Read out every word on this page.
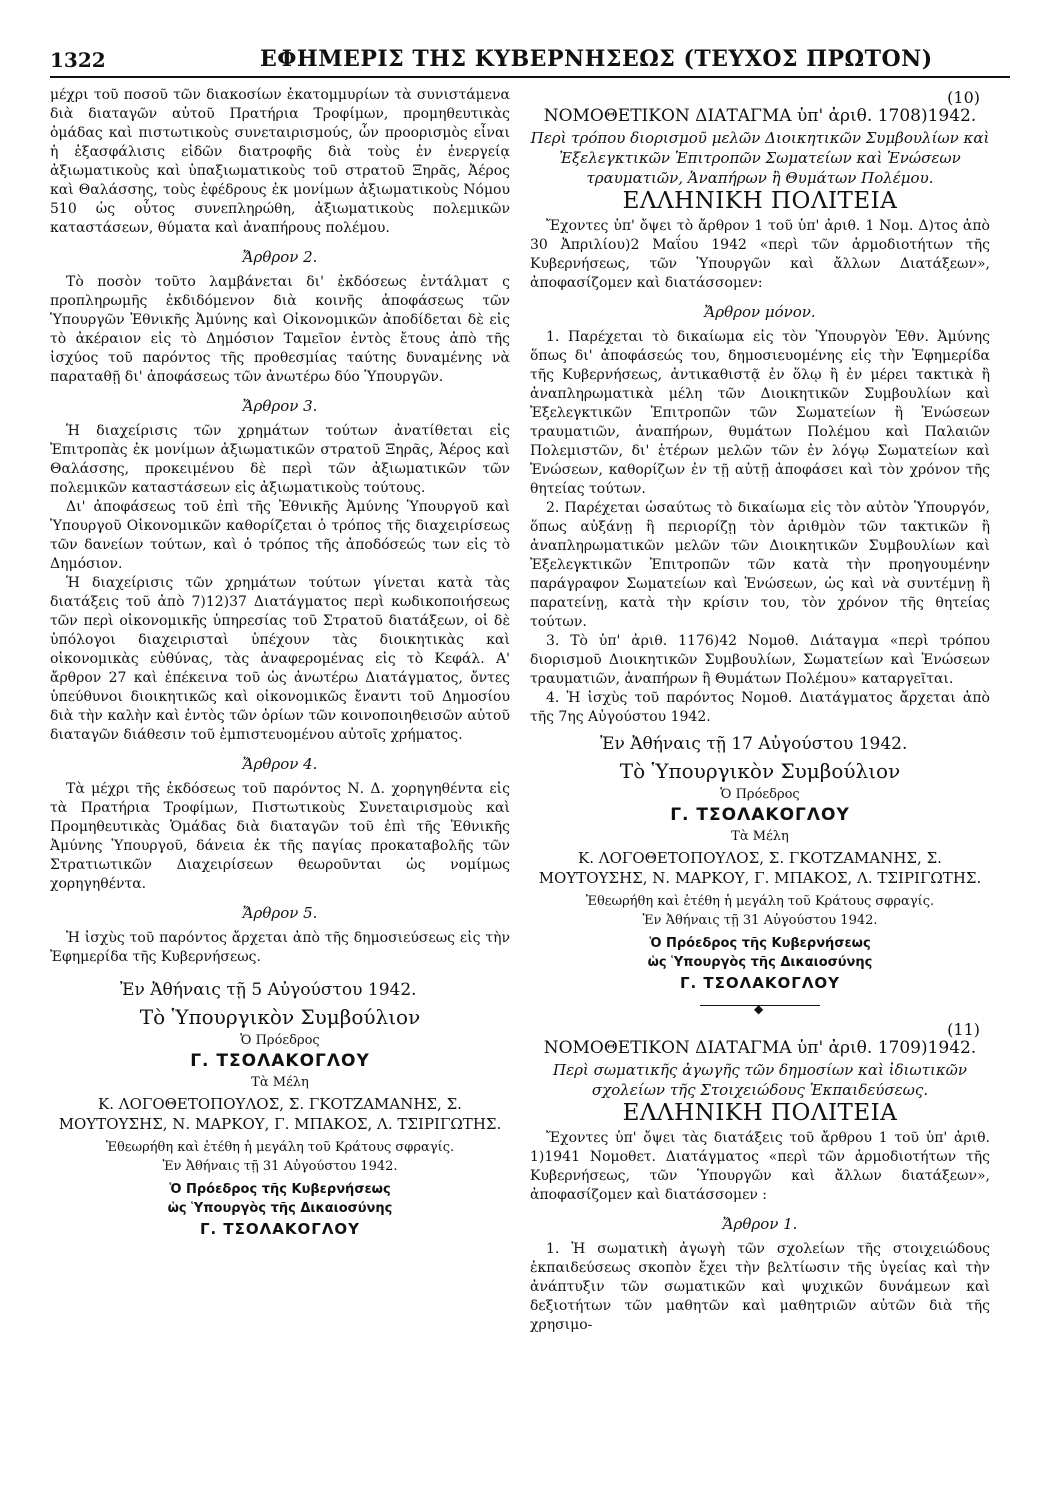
1322	ΕΦΗΜΕΡΙΣ ΤΗΣ ΚΥΒΕΡΝΗΣΕΩΣ (ΤΕΥΧΟΣ ΠΡΩΤΟΝ)

μέχρι τοῦ ποσοῦ τῶν διακοσίων ἑκατομμυρίων τὰ συνιστάμενα διὰ διαταγῶν αὐτοῦ Πρατήρια Τροφίμων, προμηθευτικὰς ὁμάδας καὶ πιστωτικοὺς συνεταιρισμούς, ὧν προορισμὸς εἶναι ἡ ἐξασφάλισις εἰδῶν διατροφῆς διὰ τοὺς ἐν ἐνεργείᾳ ἀξιωματικοὺς καὶ ὑπαξιωματικοὺς τοῦ στρατοῦ Ξηρᾶς, Ἀέρος καὶ Θαλάσσης, τοὺς ἐφέδρους ἐκ μονίμων ἀξιωματικοὺς Νόμου 510 ὡς οὗτος συνεπληρώθη, ἀξιωματικοὺς πολεμικῶν καταστάσεων, θύματα καὶ ἀναπήρους πολέμου.

Ἄρθρον 2.

Τὸ ποσὸν τοῦτο λαμβάνεται δι' ἐκδόσεως ἐντάλματ ς προπληρωμῆς ἐκδιδόμενον διὰ κοινῆς ἀποφάσεως τῶν Ὑπουργῶν Ἐθνικῆς Ἀμύνης καὶ Οἰκονομικῶν ἀποδίδεται δὲ εἰς τὸ ἀκέραιον εἰς τὸ Δημόσιον Ταμεῖον ἐντὸς ἔτους ἀπὸ τῆς ἰσχύος τοῦ παρόντος τῆς προθεσμίας ταύτης δυναμένης νὰ παραταθῇ δι' ἀποφάσεως τῶν ἀνωτέρω δύο Ὑπουργῶν.

Ἄρθρον 3.

Ἡ διαχείρισις τῶν χρημάτων τούτων ἀνατίθεται εἰς Ἐπιτροπὰς ἐκ μονίμων ἀξιωματικῶν στρατοῦ Ξηρᾶς, Ἀέρος καὶ Θαλάσσης, προκειμένου δὲ περὶ τῶν ἀξιωματικῶν τῶν πολεμικῶν καταστάσεων εἰς ἀξιωματικοὺς τούτους.

Δι' ἀποφάσεως τοῦ ἐπὶ τῆς Ἐθνικῆς Ἀμύνης Ὑπουργοῦ καὶ Ὑπουργοῦ Οἰκονομικῶν καθορίζεται ὁ τρόπος τῆς διαχειρίσεως τῶν δανείων τούτων, καὶ ὁ τρόπος τῆς ἀποδόσεώς των εἰς τὸ Δημόσιον.

Ἡ διαχείρισις τῶν χρημάτων τούτων γίνεται κατὰ τὰς διατάξεις τοῦ ἀπὸ 7)12)37 Διατάγματος περὶ κωδικοποιήσεως τῶν περὶ οἰκονομικῆς ὑπηρεσίας τοῦ Στρατοῦ διατάξεων, οἱ δὲ ὑπόλογοι διαχειρισταὶ ὑπέχουν τὰς διοικητικὰς καὶ οἰκονομικὰς εὐθύνας, τὰς ἀναφερομένας εἰς τὸ Κεφάλ. Α' ἄρθρον 27 καὶ ἐπέκεινα τοῦ ὡς ἀνωτέρω Διατάγματος, ὄντες ὑπεύθυνοι διοικητικῶς καὶ οἰκονομικῶς ἔναντι τοῦ Δημοσίου διὰ τὴν καλὴν καὶ ἐντὸς τῶν ὁρίων τῶν κοινοποιηθεισῶν αὐτοῦ διαταγῶν διάθεσιν τοῦ ἐμπιστευομένου αὐτοῖς χρήματος.

Ἄρθρον 4.

Τὰ μέχρι τῆς ἐκδόσεως τοῦ παρόντος Ν. Δ. χορηγηθέντα εἰς τὰ Πρατήρια Τροφίμων, Πιστωτικοὺς Συνεταιρισμοὺς καὶ Προμηθευτικὰς Ὁμάδας διὰ διαταγῶν τοῦ ἐπὶ τῆς Ἐθνικῆς Ἀμύνης Ὑπουργοῦ, δάνεια ἐκ τῆς παγίας προκαταβολῆς τῶν Στρατιωτικῶν Διαχειρίσεων θεωροῦνται ὡς νομίμως χορηγηθέντα.

Ἄρθρον 5.

Ἡ ἰσχὺς τοῦ παρόντος ἄρχεται ἀπὸ τῆς δημοσιεύσεως εἰς τὴν Ἐφημερίδα τῆς Κυβερνήσεως.

Ἐν Ἀθήναις τῇ 5 Αὐγούστου 1942.
Τὸ Ὑπουργικὸν Συμβούλιον
Ὁ Πρόεδρος
Γ. ΤΣΟΛΑΚΟΓΛΟΥ
Τὰ Μέλη
Κ. ΛΟΓΟΘΕΤΟΠΟΥΛΟΣ, Σ. ΓΚΟΤΖΑΜΑΝΗΣ, Σ. ΜΟΥΤΟΥΣΗΣ, Ν. ΜΑΡΚΟΥ, Γ. ΜΠΑΚΟΣ, Λ. ΤΣΙΡΙΓΩΤΗΣ.
Ἐθεωρήθη καὶ ἐτέθη ἡ μεγάλη τοῦ Κράτους σφραγίς.
Ἐν Ἀθήναις τῇ 31 Αὐγούστου 1942.
Ὁ Πρόεδρος τῆς Κυβερνήσεως
ὡς Ὑπουργὸς τῆς Δικαιοσύνης
Γ. ΤΣΟΛΑΚΟΓΛΟΥ
(10)
ΝΟΜΟΘΕΤΙΚΟΝ ΔΙΑΤΑΓΜΑ ὑπ' ἀριθ. 1708)1942.
Περὶ τρόπου διορισμοῦ μελῶν Διοικητικῶν Συμβουλίων καὶ Ἐξελεγκτικῶν Ἐπιτροπῶν Σωματείων καὶ Ἑνώσεων τραυματιῶν, Ἀναπήρων ἢ Θυμάτων Πολέμου.
ΕΛΛΗΝΙΚΗ ΠΟΛΙΤΕΙΑ

Ἔχοντες ὑπ' ὄψει τὸ ἄρθρον 1 τοῦ ὑπ' ἀριθ. 1 Νομ. Δ)τος ἀπὸ 30 Ἀπριλίου)2 Μαΐου 1942 «περὶ τῶν ἁρμοδιοτήτων τῆς Κυβερνήσεως, τῶν Ὑπουργῶν καὶ ἄλλων Διατάξεων», ἀποφασίζομεν καὶ διατάσσομεν:

Ἄρθρον μόνον.

1. Παρέχεται τὸ δικαίωμα εἰς τὸν Ὑπουργὸν Ἐθν. Ἀμύνης ὅπως δι' ἀποφάσεώς του, δημοσιευομένης εἰς τὴν Ἐφημερίδα τῆς Κυβερνήσεως, ἀντικαθιστᾷ ἐν ὅλῳ ἢ ἐν μέρει τακτικὰ ἢ ἀναπληρωματικὰ μέλη τῶν Διοικητικῶν Συμβουλίων καὶ Ἐξελεγκτικῶν Ἐπιτροπῶν τῶν Σωματείων ἢ Ἑνώσεων τραυματιῶν, ἀναπήρων, θυμάτων Πολέμου καὶ Παλαιῶν Πολεμιστῶν, δι' ἑτέρων μελῶν τῶν ἐν λόγῳ Σωματείων καὶ Ἑνώσεων, καθορίζων ἐν τῇ αὐτῇ ἀποφάσει καὶ τὸν χρόνον τῆς θητείας τούτων.

2. Παρέχεται ὡσαύτως τὸ δικαίωμα εἰς τὸν αὐτὸν Ὑπουργόν, ὅπως αὐξάνῃ ἢ περιορίζῃ τὸν ἀριθμὸν τῶν τακτικῶν ἢ ἀναπληρωματικῶν μελῶν τῶν Διοικητικῶν Συμβουλίων καὶ Ἐξελεγκτικῶν Ἐπιτροπῶν τῶν κατὰ τὴν προηγουμένην παράγραφον Σωματείων καὶ Ἑνώσεων, ὡς καὶ νὰ συντέμνῃ ἢ παρατείνῃ, κατὰ τὴν κρίσιν του, τὸν χρόνον τῆς θητείας τούτων.

3. Τὸ ὑπ' ἀριθ. 1176)42 Νομοθ. Διάταγμα «περὶ τρόπου διορισμοῦ Διοικητικῶν Συμβουλίων, Σωματείων καὶ Ἑνώσεων τραυματιῶν, ἀναπήρων ἢ Θυμάτων Πολέμου» καταργεῖται.

4. Ἡ ἰσχὺς τοῦ παρόντος Νομοθ. Διατάγματος ἄρχεται ἀπὸ τῆς 7ης Αὐγούστου 1942.

Ἐν Ἀθήναις τῇ 17 Αὐγούστου 1942.
Τὸ Ὑπουργικὸν Συμβούλιον
Ὁ Πρόεδρος
Γ. ΤΣΟΛΑΚΟΓΛΟΥ
Τὰ Μέλη
Κ. ΛΟΓΟΘΕΤΟΠΟΥΛΟΣ, Σ. ΓΚΟΤΖΑΜΑΝΗΣ, Σ. ΜΟΥΤΟΥΣΗΣ, Ν. ΜΑΡΚΟΥ, Γ. ΜΠΑΚΟΣ, Λ. ΤΣΙΡΙΓΩΤΗΣ.
Ἐθεωρήθη καὶ ἐτέθη ἡ μεγάλη τοῦ Κράτους σφραγίς.
Ἐν Ἀθήναις τῇ 31 Αὐγούστου 1942.
Ὁ Πρόεδρος τῆς Κυβερνήσεως
ὡς Ὑπουργὸς τῆς Δικαιοσύνης
Γ. ΤΣΟΛΑΚΟΓΛΟΥ
◆
(11)
ΝΟΜΟΘΕΤΙΚΟΝ ΔΙΑΤΑΓΜΑ ὑπ' ἀριθ. 1709)1942.
Περὶ σωματικῆς ἀγωγῆς τῶν δημοσίων καὶ ἰδιωτικῶν σχολείων τῆς Στοιχειώδους Ἐκπαιδεύσεως.
ΕΛΛΗΝΙΚΗ ΠΟΛΙΤΕΙΑ

Ἔχοντες ὑπ' ὄψει τὰς διατάξεις τοῦ ἄρθρου 1 τοῦ ὑπ' ἀριθ. 1)1941 Νομοθετ. Διατάγματος «περὶ τῶν ἁρμοδιοτήτων τῆς Κυβερνήσεως, τῶν Ὑπουργῶν καὶ ἄλλων διατάξεων», ἀποφασίζομεν καὶ διατάσσομεν :

Ἄρθρον 1.

1. Ἡ σωματικὴ ἀγωγὴ τῶν σχολείων τῆς στοιχειώδους ἐκπαιδεύσεως σκοπὸν ἔχει τὴν βελτίωσιν τῆς ὑγείας καὶ τὴν ἀνάπτυξιν τῶν σωματικῶν καὶ ψυχικῶν δυνάμεων καὶ δεξιοτήτων τῶν μαθητῶν καὶ μαθητριῶν αὐτῶν διὰ τῆς χρησιμο-
